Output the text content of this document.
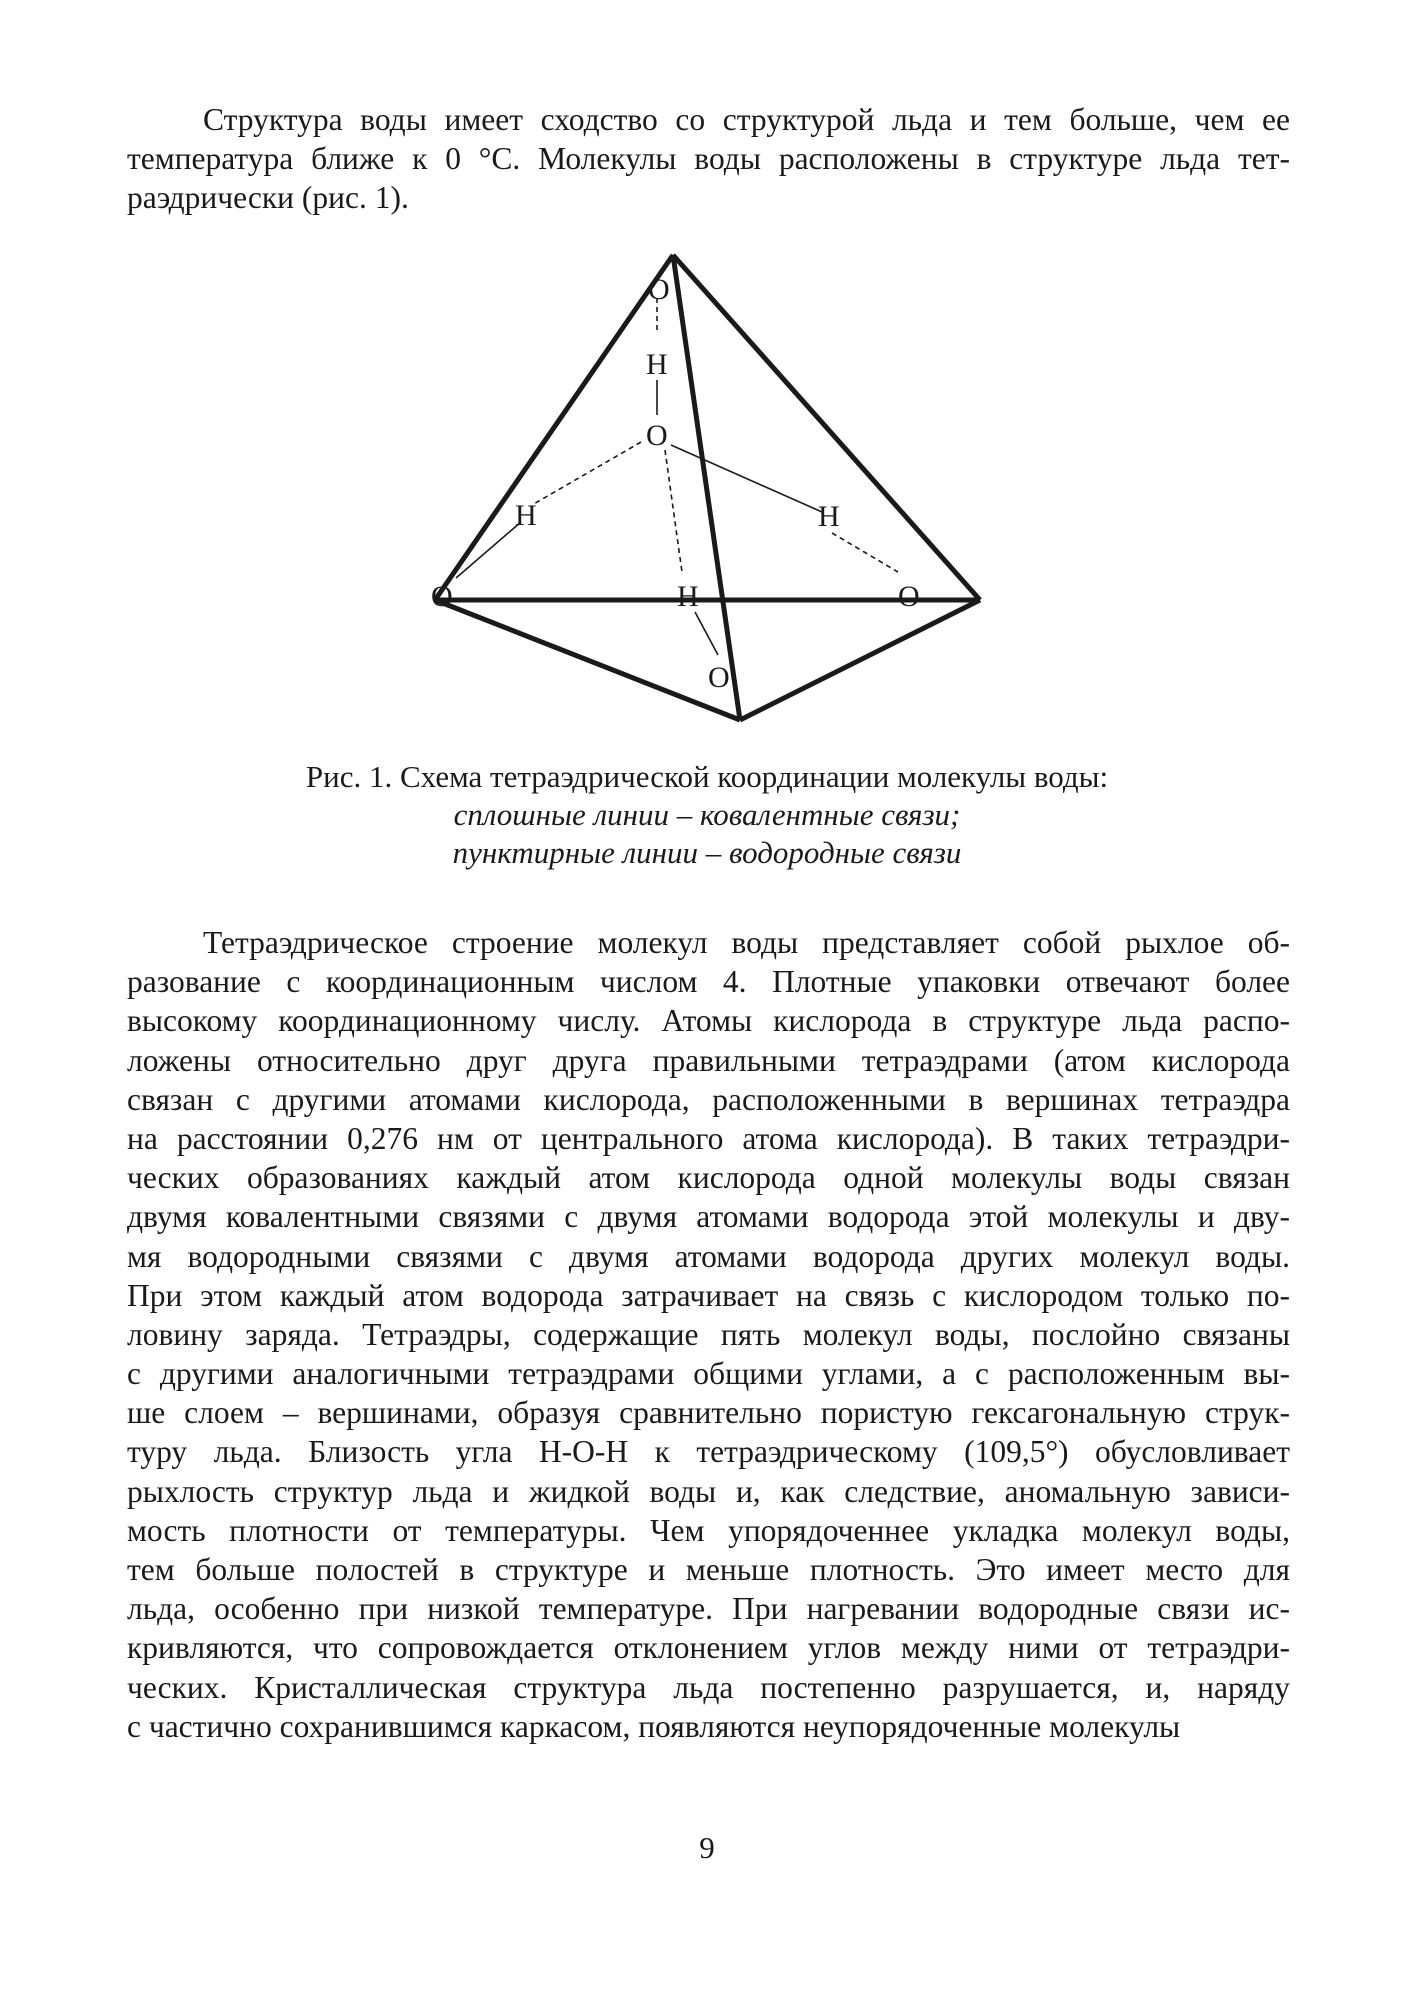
Структура воды имеет сходство со структурой льда и тем больше, чем ее
температура ближе к 0 °С. Молекулы воды расположены в структуре льда тет-
раэдрически (рис. 1).
O
H
O
H	H
O	H	O
O
Рис. 1. Схема тетраэдрической координации молекулы воды:
сплошные линии – ковалентные связи;
пунктирные линии – водородные связи
Тетраэдрическое строение молекул воды представляет собой рыхлое об-
разование с координационным числом 4. Плотные упаковки отвечают более
высокому координационному числу. Атомы кислорода в структуре льда распо-
ложены относительно друг друга правильными тетраэдрами (атом кислорода
связан с другими атомами кислорода, расположенными в вершинах тетраэдра
на расстоянии 0,276 нм от центрального атома кислорода). В таких тетраэдри-
ческих образованиях каждый атом кислорода одной молекулы воды связан
двумя ковалентными связями с двумя атомами водорода этой молекулы и дву-
мя водородными связями с двумя атомами водорода других молекул воды.
При этом каждый атом водорода затрачивает на связь с кислородом только по-
ловину заряда. Тетраэдры, содержащие пять молекул воды, послойно связаны
с другими аналогичными тетраэдрами общими углами, а с расположенным вы-
ше слоем – вершинами, образуя сравнительно пористую гексагональную струк-
туру льда. Близость угла H-O-H к тетраэдрическому (109,5°) обусловливает
рыхлость структур льда и жидкой воды и, как следствие, аномальную зависи-
мость плотности от температуры. Чем упорядоченнее укладка молекул воды,
тем больше полостей в структуре и меньше плотность. Это имеет место для
льда, особенно при низкой температуре. При нагревании водородные связи ис-
кривляются, что сопровождается отклонением углов между ними от тетраэдри-
ческих. Кристаллическая структура льда постепенно разрушается, и, наряду
с частично сохранившимся каркасом, появляются неупорядоченные молекулы
9
